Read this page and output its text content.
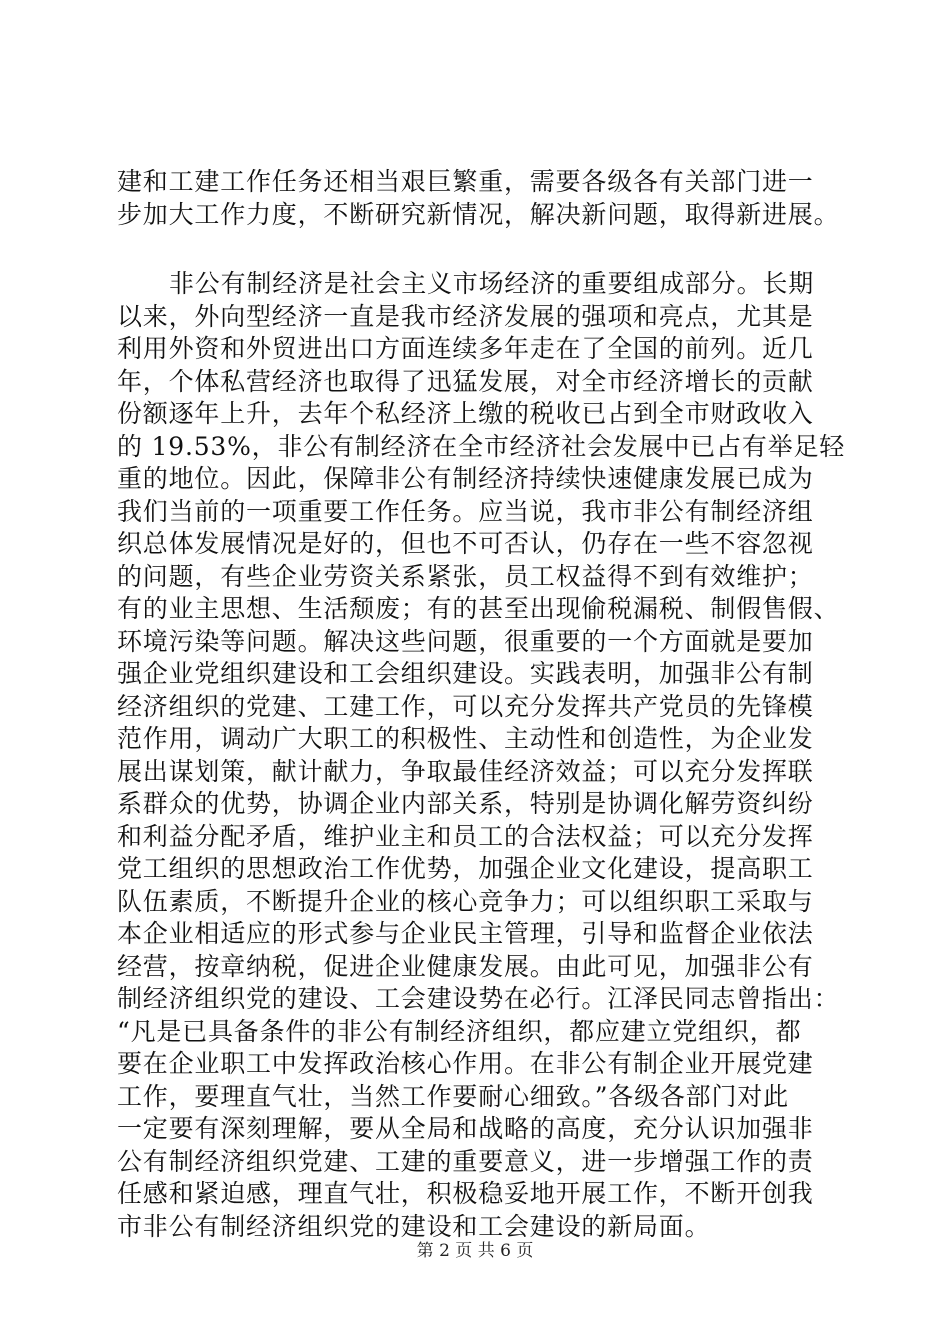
建和工建工作任务还相当艰巨繁重，需要各级各有关部门进一
步加大工作力度，不断研究新情况，解决新问题，取得新进展。
非公有制经济是社会主义市场经济的重要组成部分。长期
以来，外向型经济一直是我市经济发展的强项和亮点，尤其是
利用外资和外贸进出口方面连续多年走在了全国的前列。近几
年，个体私营经济也取得了迅猛发展，对全市经济增长的贡献
份额逐年上升，去年个私经济上缴的税收已占到全市财政收入
的 19.53%，非公有制经济在全市经济社会发展中已占有举足轻
重的地位。因此，保障非公有制经济持续快速健康发展已成为
我们当前的一项重要工作任务。应当说，我市非公有制经济组
织总体发展情况是好的，但也不可否认，仍存在一些不容忽视
的问题，有些企业劳资关系紧张，员工权益得不到有效维护；
有的业主思想、生活颓废；有的甚至出现偷税漏税、制假售假、
环境污染等问题。解决这些问题，很重要的一个方面就是要加
强企业党组织建设和工会组织建设。实践表明，加强非公有制
经济组织的党建、工建工作，可以充分发挥共产党员的先锋模
范作用，调动广大职工的积极性、主动性和创造性，为企业发
展出谋划策，献计献力，争取最佳经济效益；可以充分发挥联
系群众的优势，协调企业内部关系，特别是协调化解劳资纠纷
和利益分配矛盾，维护业主和员工的合法权益；可以充分发挥
党工组织的思想政治工作优势，加强企业文化建设，提高职工
队伍素质，不断提升企业的核心竞争力；可以组织职工采取与
本企业相适应的形式参与企业民主管理，引导和监督企业依法
经营，按章纳税，促进企业健康发展。由此可见，加强非公有
制经济组织党的建设、工会建设势在必行。江泽民同志曾指出：
“凡是已具备条件的非公有制经济组织，都应建立党组织，都
要在企业职工中发挥政治核心作用。在非公有制企业开展党建
工作，要理直气壮，当然工作要耐心细致。”各级各部门对此
一定要有深刻理解，要从全局和战略的高度，充分认识加强非
公有制经济组织党建、工建的重要意义，进一步增强工作的责
任感和紧迫感，理直气壮，积极稳妥地开展工作，不断开创我
市非公有制经济组织党的建设和工会建设的新局面。
第 2 页 共 6 页
